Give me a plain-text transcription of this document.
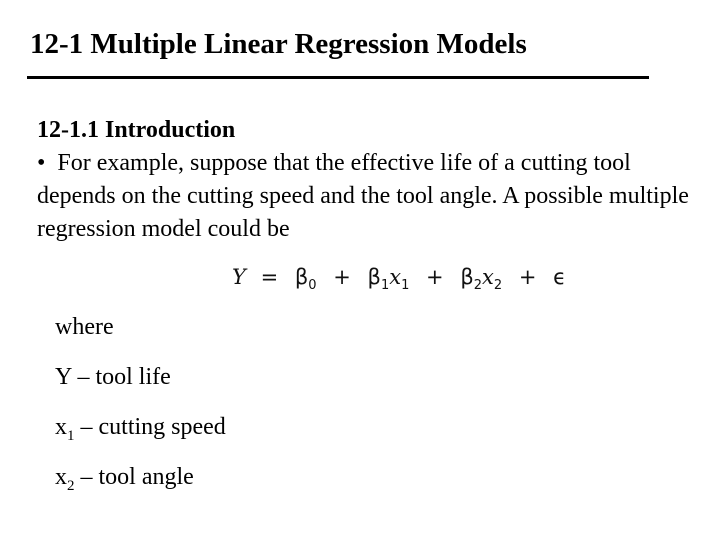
12-1 Multiple Linear Regression Models
12-1.1 Introduction
• For example, suppose that the effective life of a cutting tool depends on the cutting speed and the tool angle. A possible multiple regression model could be
$Y = \beta_0 + \beta_1x_1 + \beta_2x_2 + \epsilon$
where
Y – tool life
$x_1$ – cutting speed
$x_2$ – tool angle
